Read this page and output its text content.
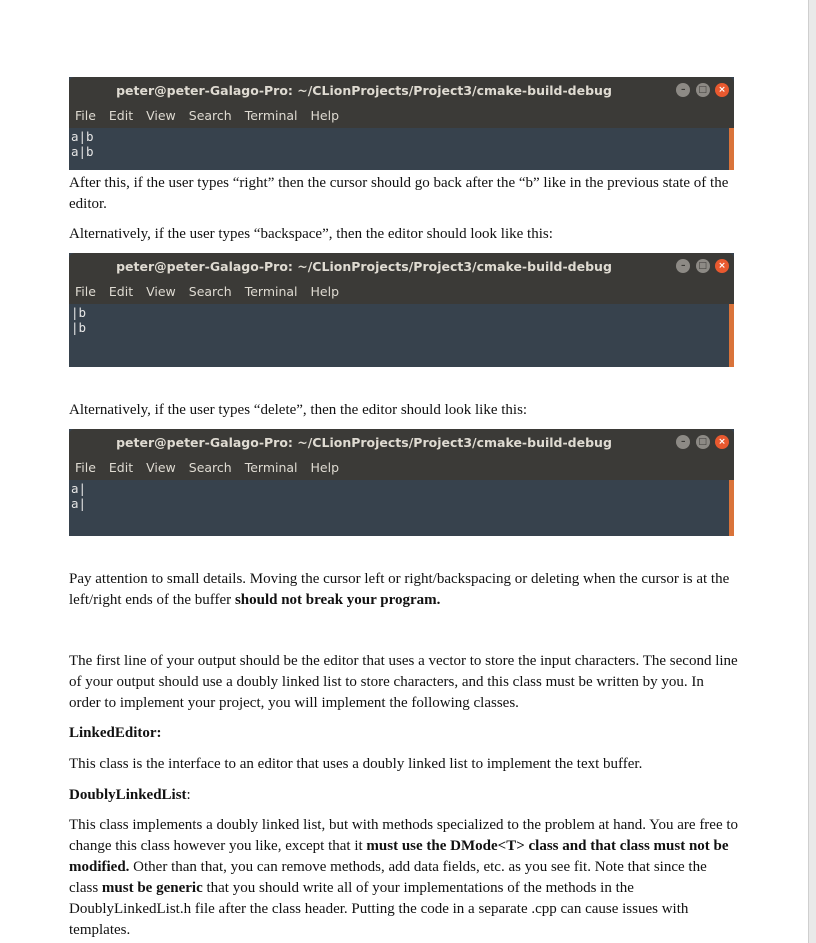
peter@peter-Galago-Pro: ~/CLionProjects/Project3/cmake-build-debug	– □ ×
File Edit View Search Terminal Help
a|b
a|b

After this, if the user types “right” then the cursor should go back after the “b” like in the previous state of the editor.

Alternatively, if the user types “backspace”, then the editor should look like this:

peter@peter-Galago-Pro: ~/CLionProjects/Project3/cmake-build-debug	– □ ×
File Edit View Search Terminal Help
|b
|b

Alternatively, if the user types “delete”, then the editor should look like this:

peter@peter-Galago-Pro: ~/CLionProjects/Project3/cmake-build-debug	– □ ×
File Edit View Search Terminal Help
a|
a|

Pay attention to small details. Moving the cursor left or right/backspacing or deleting when the cursor is at the left/right ends of the buffer should not break your program.

The first line of your output should be the editor that uses a vector to store the input characters. The second line of your output should use a doubly linked list to store characters, and this class must be written by you. In order to implement your project, you will implement the following classes.

LinkedEditor:

This class is the interface to an editor that uses a doubly linked list to implement the text buffer.

DoublyLinkedList:

This class implements a doubly linked list, but with methods specialized to the problem at hand. You are free to change this class however you like, except that it must use the DMode<T> class and that class must not be modified. Other than that, you can remove methods, add data fields, etc. as you see fit. Note that since the class must be generic that you should write all of your implementations of the methods in the DoublyLinkedList.h file after the class header. Putting the code in a separate .cpp can cause issues with templates.
